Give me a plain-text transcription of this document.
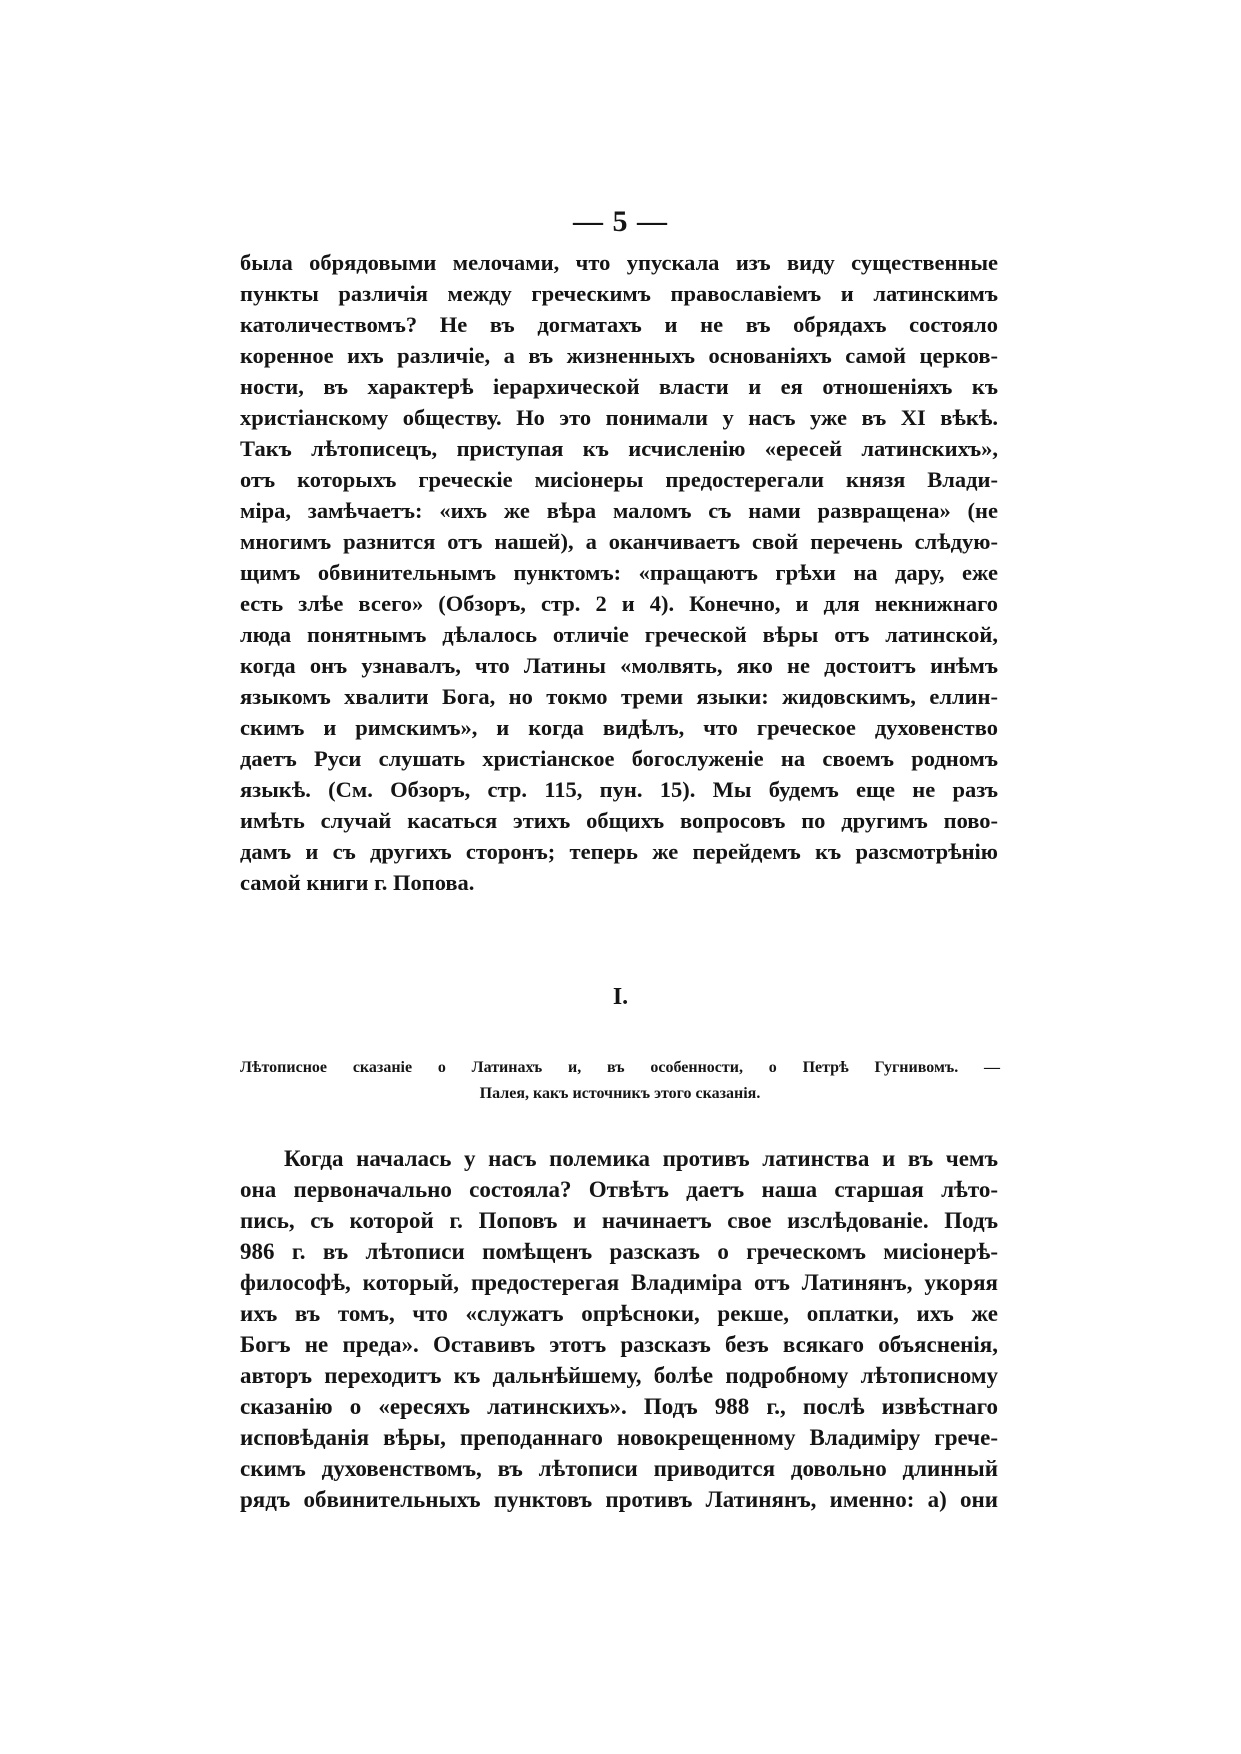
— 5 —

была обрядовыми мелочами, что упускала изъ виду существенные

пункты различія между греческимъ православіемъ и латинскимъ

католичествомъ? Не въ догматахъ и не въ обрядахъ состояло

коренное ихъ различіе, а въ жизненныхъ основаніяхъ самой церков-

ности, въ характерѣ іерархической власти и ея отношеніяхъ къ

христіанскому обществу. Но это понимали у насъ уже въ XI вѣкѣ.

Такъ лѣтописецъ, приступая къ исчисленію «ересей латинскихъ»,

отъ которыхъ греческіе мисіонеры предостерегали князя Влади-

міра, замѣчаетъ: «ихъ же вѣра маломъ съ нами развращена» (не

многимъ разнится отъ нашей), а оканчиваетъ свой перечень слѣдую-

щимъ обвинительнымъ пунктомъ: «пращаютъ грѣхи на дару, еже

есть злѣе всего» (Обзоръ, стр. 2 и 4). Конечно, и для некнижнаго

люда понятнымъ дѣлалось отличіе греческой вѣры отъ латинской,

когда онъ узнавалъ, что Латины «молвять, яко не достоитъ инѣмъ

языкомъ хвалити Бога, но токмо треми языки: жидовскимъ, еллин-

скимъ и римскимъ», и когда видѣлъ, что греческое духовенство

даетъ Руси слушать христіанское богослуженіе на своемъ родномъ

языкѣ. (См. Обзоръ, стр. 115, пун. 15). Мы будемъ еще не разъ

имѣть случай касаться этихъ общихъ вопросовъ по другимъ пово-

дамъ и съ другихъ сторонъ; теперь же перейдемъ къ разсмотрѣнію

самой книги г. Попова.

I.

Лѣтописное сказаніе о Латинахъ и, въ особенности, о Петрѣ Гугнивомъ. —

Палея, какъ источникъ этого сказанія.

Когда началась у насъ полемика противъ латинства и въ чемъ

она первоначально состояла? Отвѣтъ даетъ наша старшая лѣто-

пись, съ которой г. Поповъ и начинаетъ свое изслѣдованіе. Подъ

986 г. въ лѣтописи помѣщенъ разсказъ о греческомъ мисіонерѣ-

философѣ, который, предостерегая Владиміра отъ Латинянъ, укоряя

ихъ въ томъ, что «служатъ опрѣсноки, рекше, оплатки, ихъ же

Богъ не преда». Оставивъ этотъ разсказъ безъ всякаго объясненія,

авторъ переходитъ къ дальнѣйшему, болѣе подробному лѣтописному

сказанію о «ересяхъ латинскихъ». Подъ 988 г., послѣ извѣстнаго

исповѣданія вѣры, преподаннаго новокрещенному Владиміру грече-

скимъ духовенствомъ, въ лѣтописи приводится довольно длинный

рядъ обвинительныхъ пунктовъ противъ Латинянъ, именно: а) они
